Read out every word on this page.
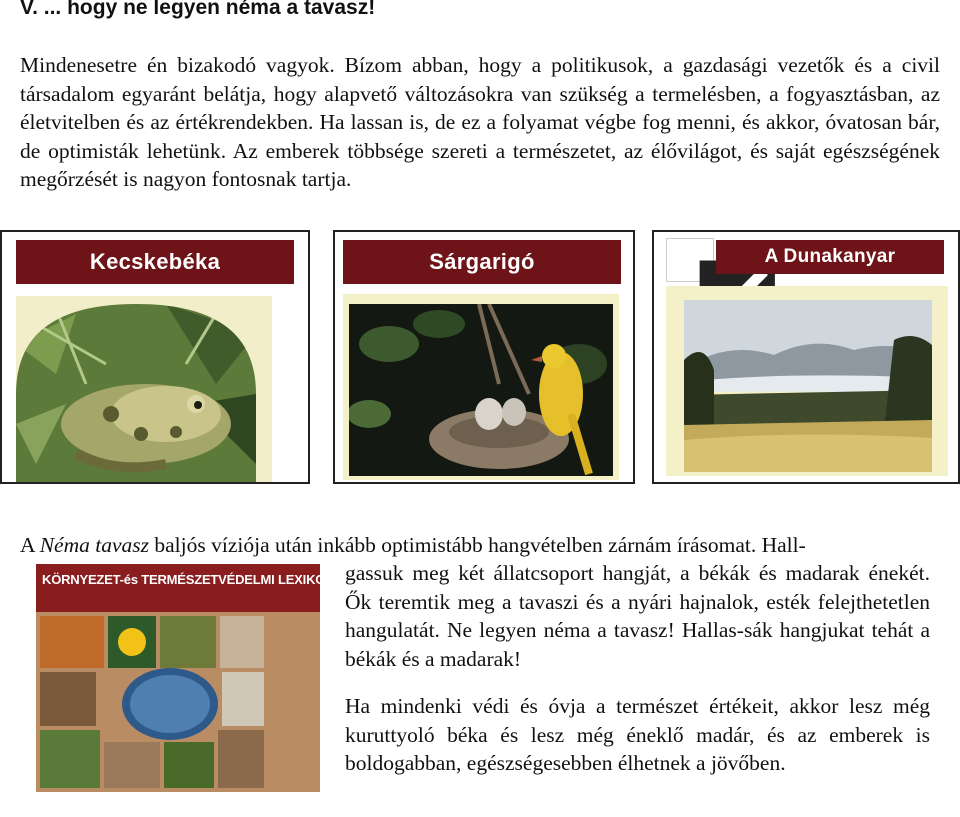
V. ... hogy ne legyen néma a tavasz!

Mindenesetre én bizakodó vagyok. Bízom abban, hogy a politikusok, a gazdasági vezetők és a civil társadalom egyaránt belátja, hogy alapvető változásokra van szükség a termelésben, a fogyasztásban, az életvitelben és az értékrendekben. Ha lassan is, de ez a folyamat végbe fog menni, és akkor, óvatosan bár, de optimisták lehetünk. Az emberek többsége szereti a természetet, az élővilágot, és saját egészségének megőrzését is nagyon fontosnak tartja.

Kecskebéka	Sárgarigó	A Dunakanyar

A Néma tavasz baljós víziója után inkább optimistább hangvételben zárnám írásomat. Hall-

gassuk meg két állatcsoport hangját, a békák és madarak énekét. Ők teremtik meg a tavaszi és a nyári hajnalok, esték felejthetetlen hangulatát. Ne legyen néma a tavasz! Hallas-sák hangjukat tehát a békák és a madarak!

KÖRNYEZET-és TERMÉSZETVÉDELMI LEXIKON

Ha mindenki védi és óvja a természet értékeit, akkor lesz még kuruttyoló béka és lesz még éneklő madár, és az emberek is boldogabban, egészségesebben élhetnek a jövőben.
